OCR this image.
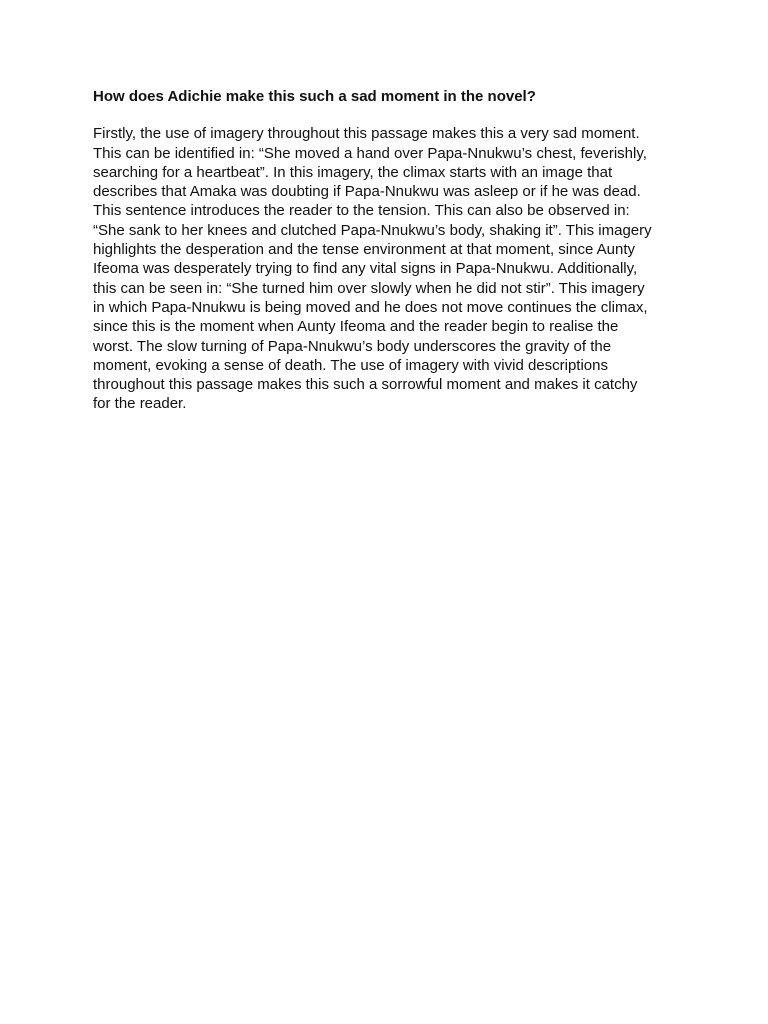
How does Adichie make this such a sad moment in the novel?

Firstly, the use of imagery throughout this passage makes this a very sad moment.
This can be identified in: “She moved a hand over Papa-Nnukwu’s chest, feverishly,
searching for a heartbeat”. In this imagery, the climax starts with an image that
describes that Amaka was doubting if Papa-Nnukwu was asleep or if he was dead.
This sentence introduces the reader to the tension. This can also be observed in:
“She sank to her knees and clutched Papa-Nnukwu’s body, shaking it”. This imagery
highlights the desperation and the tense environment at that moment, since Aunty
Ifeoma was desperately trying to find any vital signs in Papa-Nnukwu. Additionally,
this can be seen in: “She turned him over slowly when he did not stir”. This imagery
in which Papa-Nnukwu is being moved and he does not move continues the climax,
since this is the moment when Aunty Ifeoma and the reader begin to realise the
worst. The slow turning of Papa-Nnukwu’s body underscores the gravity of the
moment, evoking a sense of death. The use of imagery with vivid descriptions
throughout this passage makes this such a sorrowful moment and makes it catchy
for the reader.
